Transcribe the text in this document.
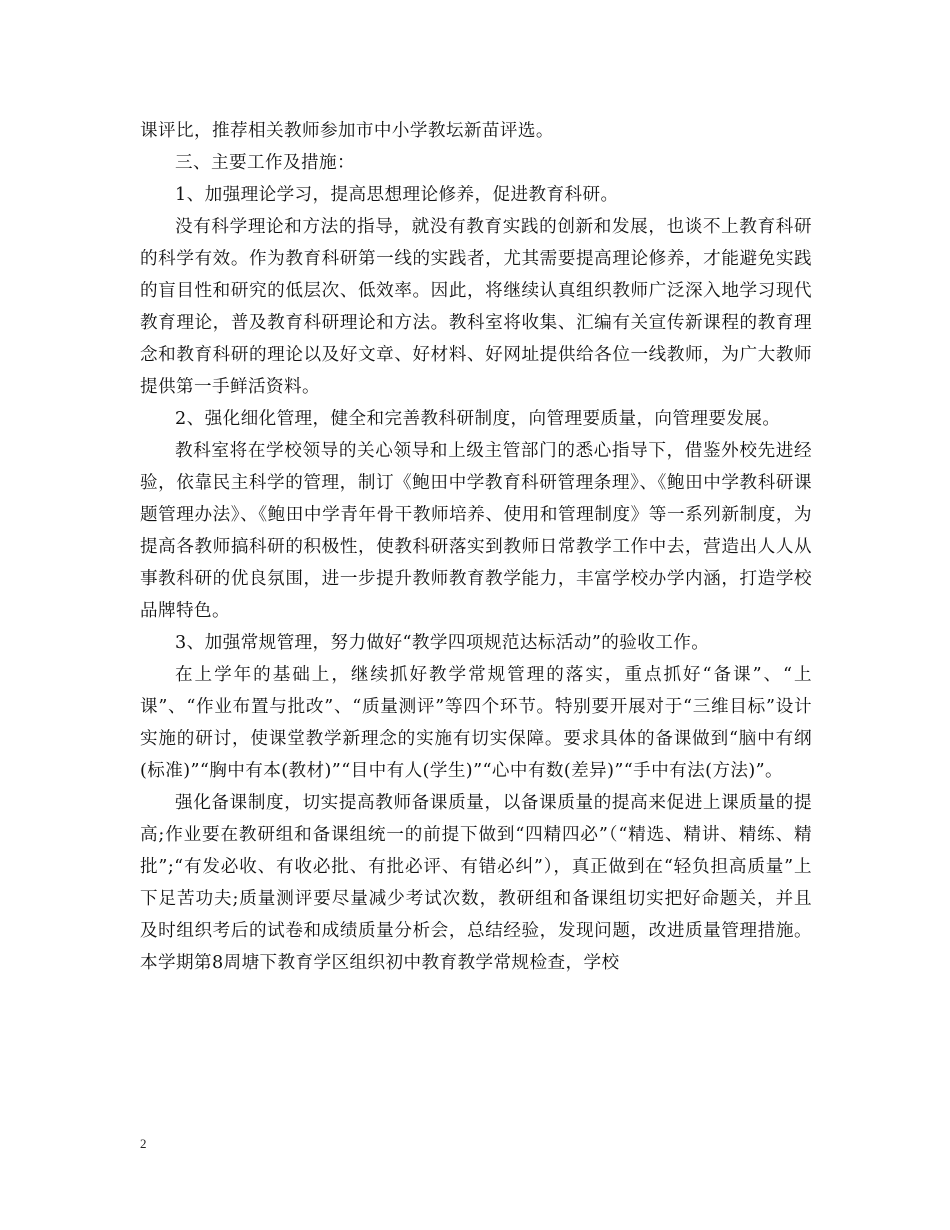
课评比，推荐相关教师参加市中小学教坛新苗评选。

三、主要工作及措施：

1、加强理论学习，提高思想理论修养，促进教育科研。

没有科学理论和方法的指导，就没有教育实践的创新和发展，也谈不上教育科研的科学有效。作为教育科研第一线的实践者，尤其需要提高理论修养，才能避免实践的盲目性和研究的低层次、低效率。因此，将继续认真组织教师广泛深入地学习现代教育理论，普及教育科研理论和方法。教科室将收集、汇编有关宣传新课程的教育理念和教育科研的理论以及好文章、好材料、好网址提供给各位一线教师，为广大教师提供第一手鲜活资料。

2、强化细化管理，健全和完善教科研制度，向管理要质量，向管理要发展。

教科室将在学校领导的关心领导和上级主管部门的悉心指导下，借鉴外校先进经验，依靠民主科学的管理，制订《鲍田中学教育科研管理条理》、《鲍田中学教科研课题管理办法》、《鲍田中学青年骨干教师培养、使用和管理制度》等一系列新制度，为提高各教师搞科研的积极性，使教科研落实到教师日常教学工作中去，营造出人人从事教科研的优良氛围，进一步提升教师教育教学能力，丰富学校办学内涵，打造学校品牌特色。

3、加强常规管理，努力做好“教学四项规范达标活动”的验收工作。

在上学年的基础上，继续抓好教学常规管理的落实，重点抓好“备课”、“上课”、“作业布置与批改”、“质量测评”等四个环节。特别要开展对于“三维目标”设计实施的研讨，使课堂教学新理念的实施有切实保障。要求具体的备课做到“脑中有纲(标准)”“胸中有本(教材)”“目中有人(学生)”“心中有数(差异)”“手中有法(方法)”。

强化备课制度，切实提高教师备课质量，以备课质量的提高来促进上课质量的提高;作业要在教研组和备课组统一的前提下做到“四精四必”（“精选、精讲、精练、精批”;“有发必收、有收必批、有批必评、有错必纠”），真正做到在“轻负担高质量”上下足苦功夫;质量测评要尽量减少考试次数，教研组和备课组切实把好命题关，并且及时组织考后的试卷和成绩质量分析会，总结经验，发现问题，改进质量管理措施。本学期第8周塘下教育学区组织初中教育教学常规检查，学校

2
